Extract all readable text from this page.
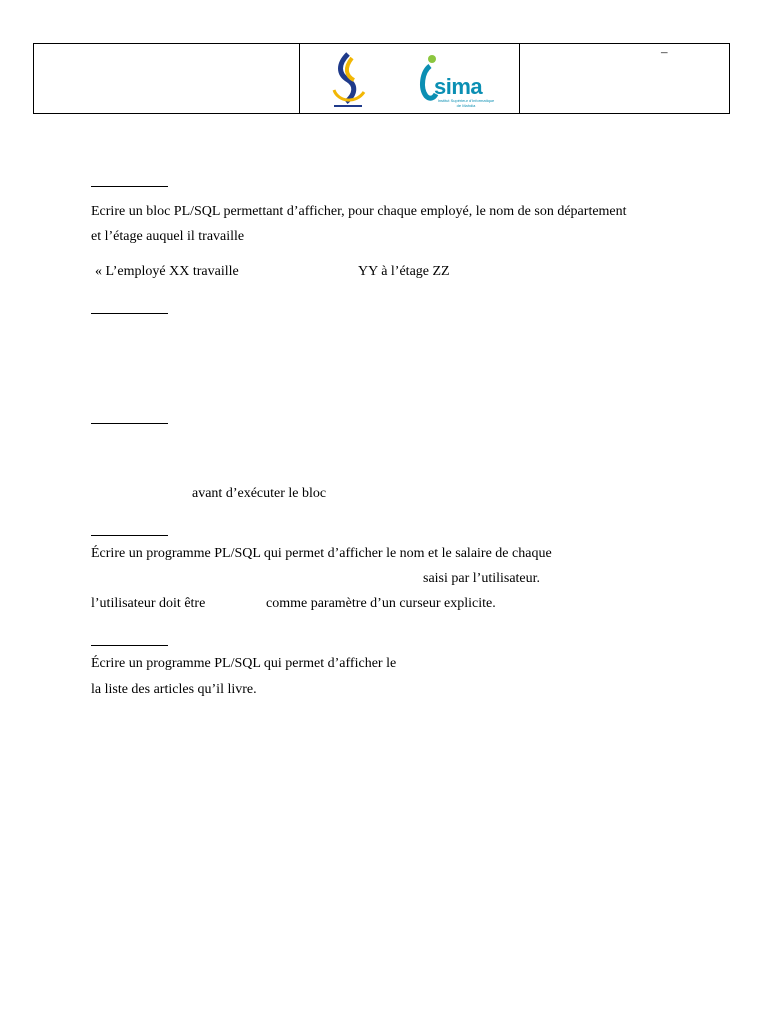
sima
Institut Supérieur d'Informatique de Mahdia
–
Ecrire un bloc PL/SQL permettant d’afficher, pour chaque employé, le nom de son département
et l’étage auquel il travaille
« L’employé XX travaille	YY à l’étage ZZ
avant d’exécuter le bloc
Écrire un programme PL/SQL qui permet d’afficher le nom et le salaire de chaque
saisi par l’utilisateur.
l’utilisateur doit être	comme paramètre d’un curseur explicite.
Écrire un programme PL/SQL qui permet d’afficher le
la liste des articles qu’il livre.
